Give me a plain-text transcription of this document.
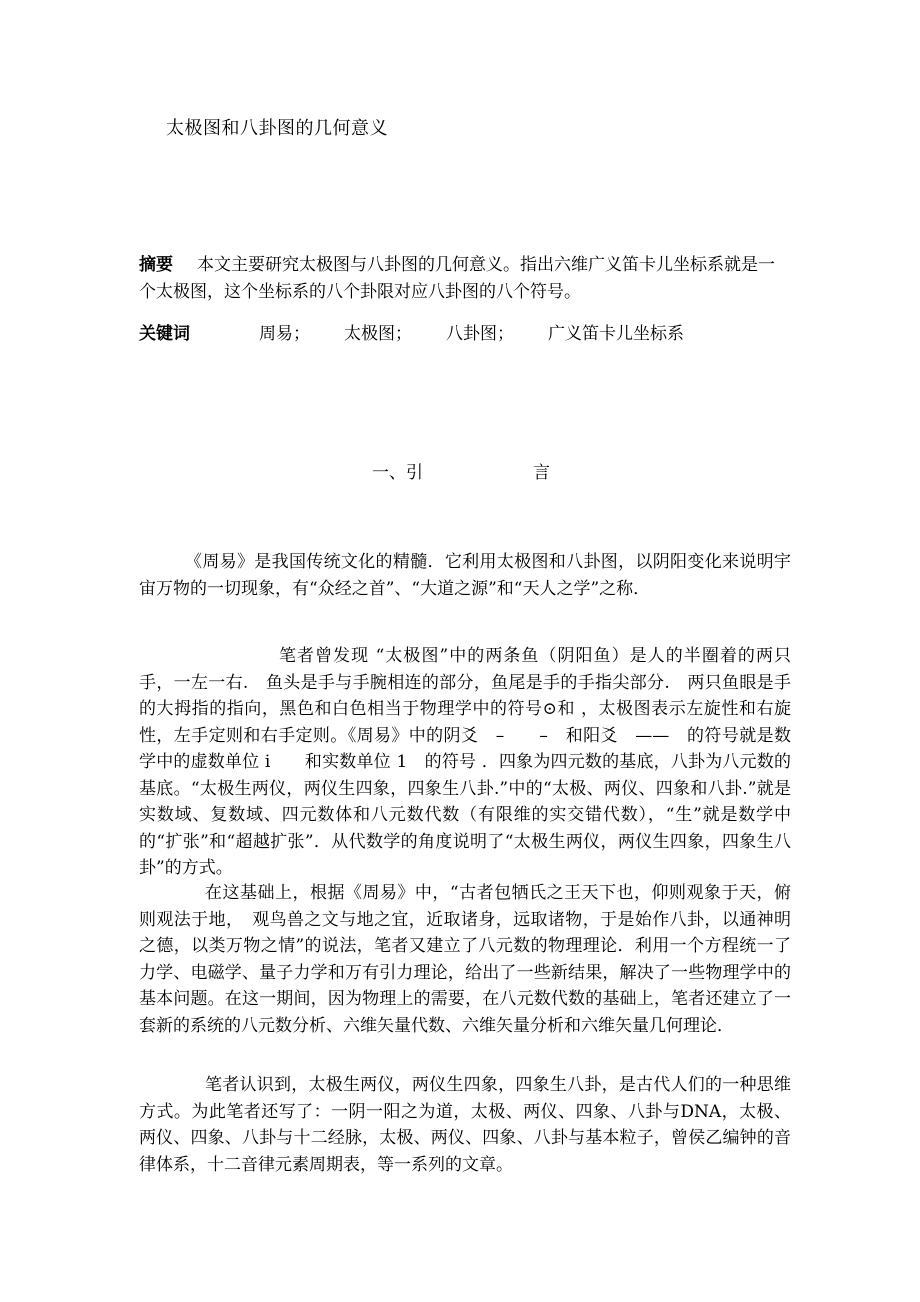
太极图和八卦图的几何意义
摘要 本文主要研究太极图与八卦图的几何意义。指出六维广义笛卡儿坐标系就是一个太极图，这个坐标系的八个卦限对应八卦图的八个符号。
关键词	周易； 太极图； 八卦图； 广义笛卡儿坐标系
一、引	言

《周易》是我国传统文化的精髓．它利用太极图和八卦图，以阴阳变化来说明宇宙万物的一切现象，有“众经之首”、“大道之源”和“天人之学”之称．

笔者曾发现 “太极图”中的两条鱼（阴阳鱼）是人的半圈着的两只手，一左一右.　鱼头是手与手腕相连的部分，鱼尾是手的手指尖部分.　两只鱼眼是手的大拇指的指向，黑色和白色相当于物理学中的符号⊙和 ，太极图表示左旋性和右旋性，左手定则和右手定则。《周易》中的阴爻　–　　–　和阳爻　——　的符号就是数学中的虚数单位 i　　和实数单位 1　的符号 ．四象为四元数的基底，八卦为八元数的基底。“太极生两仪，两仪生四象，四象生八卦.”中的“太极、两仪、四象和八卦.”就是实数域、复数域、四元数体和八元数代数（有限维的实交错代数），“生”就是数学中的“扩张”和“超越扩张”．从代数学的角度说明了“太极生两仪，两仪生四象，四象生八卦”的方式。

在这基础上，根据《周易》中，“古者包牺氏之王天下也，仰则观象于天，俯则观法于地，　观鸟兽之文与地之宜，近取诸身，远取诸物，于是始作八卦，以通神明之德，以类万物之情”的说法，笔者又建立了八元数的物理理论．利用一个方程统一了力学、电磁学、量子力学和万有引力理论，给出了一些新结果，解决了一些物理学中的基本问题。在这一期间，因为物理上的需要，在八元数代数的基础上，笔者还建立了一套新的系统的八元数分析、六维矢量代数、六维矢量分析和六维矢量几何理论．

笔者认识到，太极生两仪，两仪生四象，四象生八卦，是古代人们的一种思维方式。为此笔者还写了：一阴一阳之为道，太极、两仪、四象、八卦与DNA，太极、两仪、四象、八卦与十二经脉，太极、两仪、四象、八卦与基本粒子，曾侯乙编钟的音律体系，十二音律元素周期表，等一系列的文章。
